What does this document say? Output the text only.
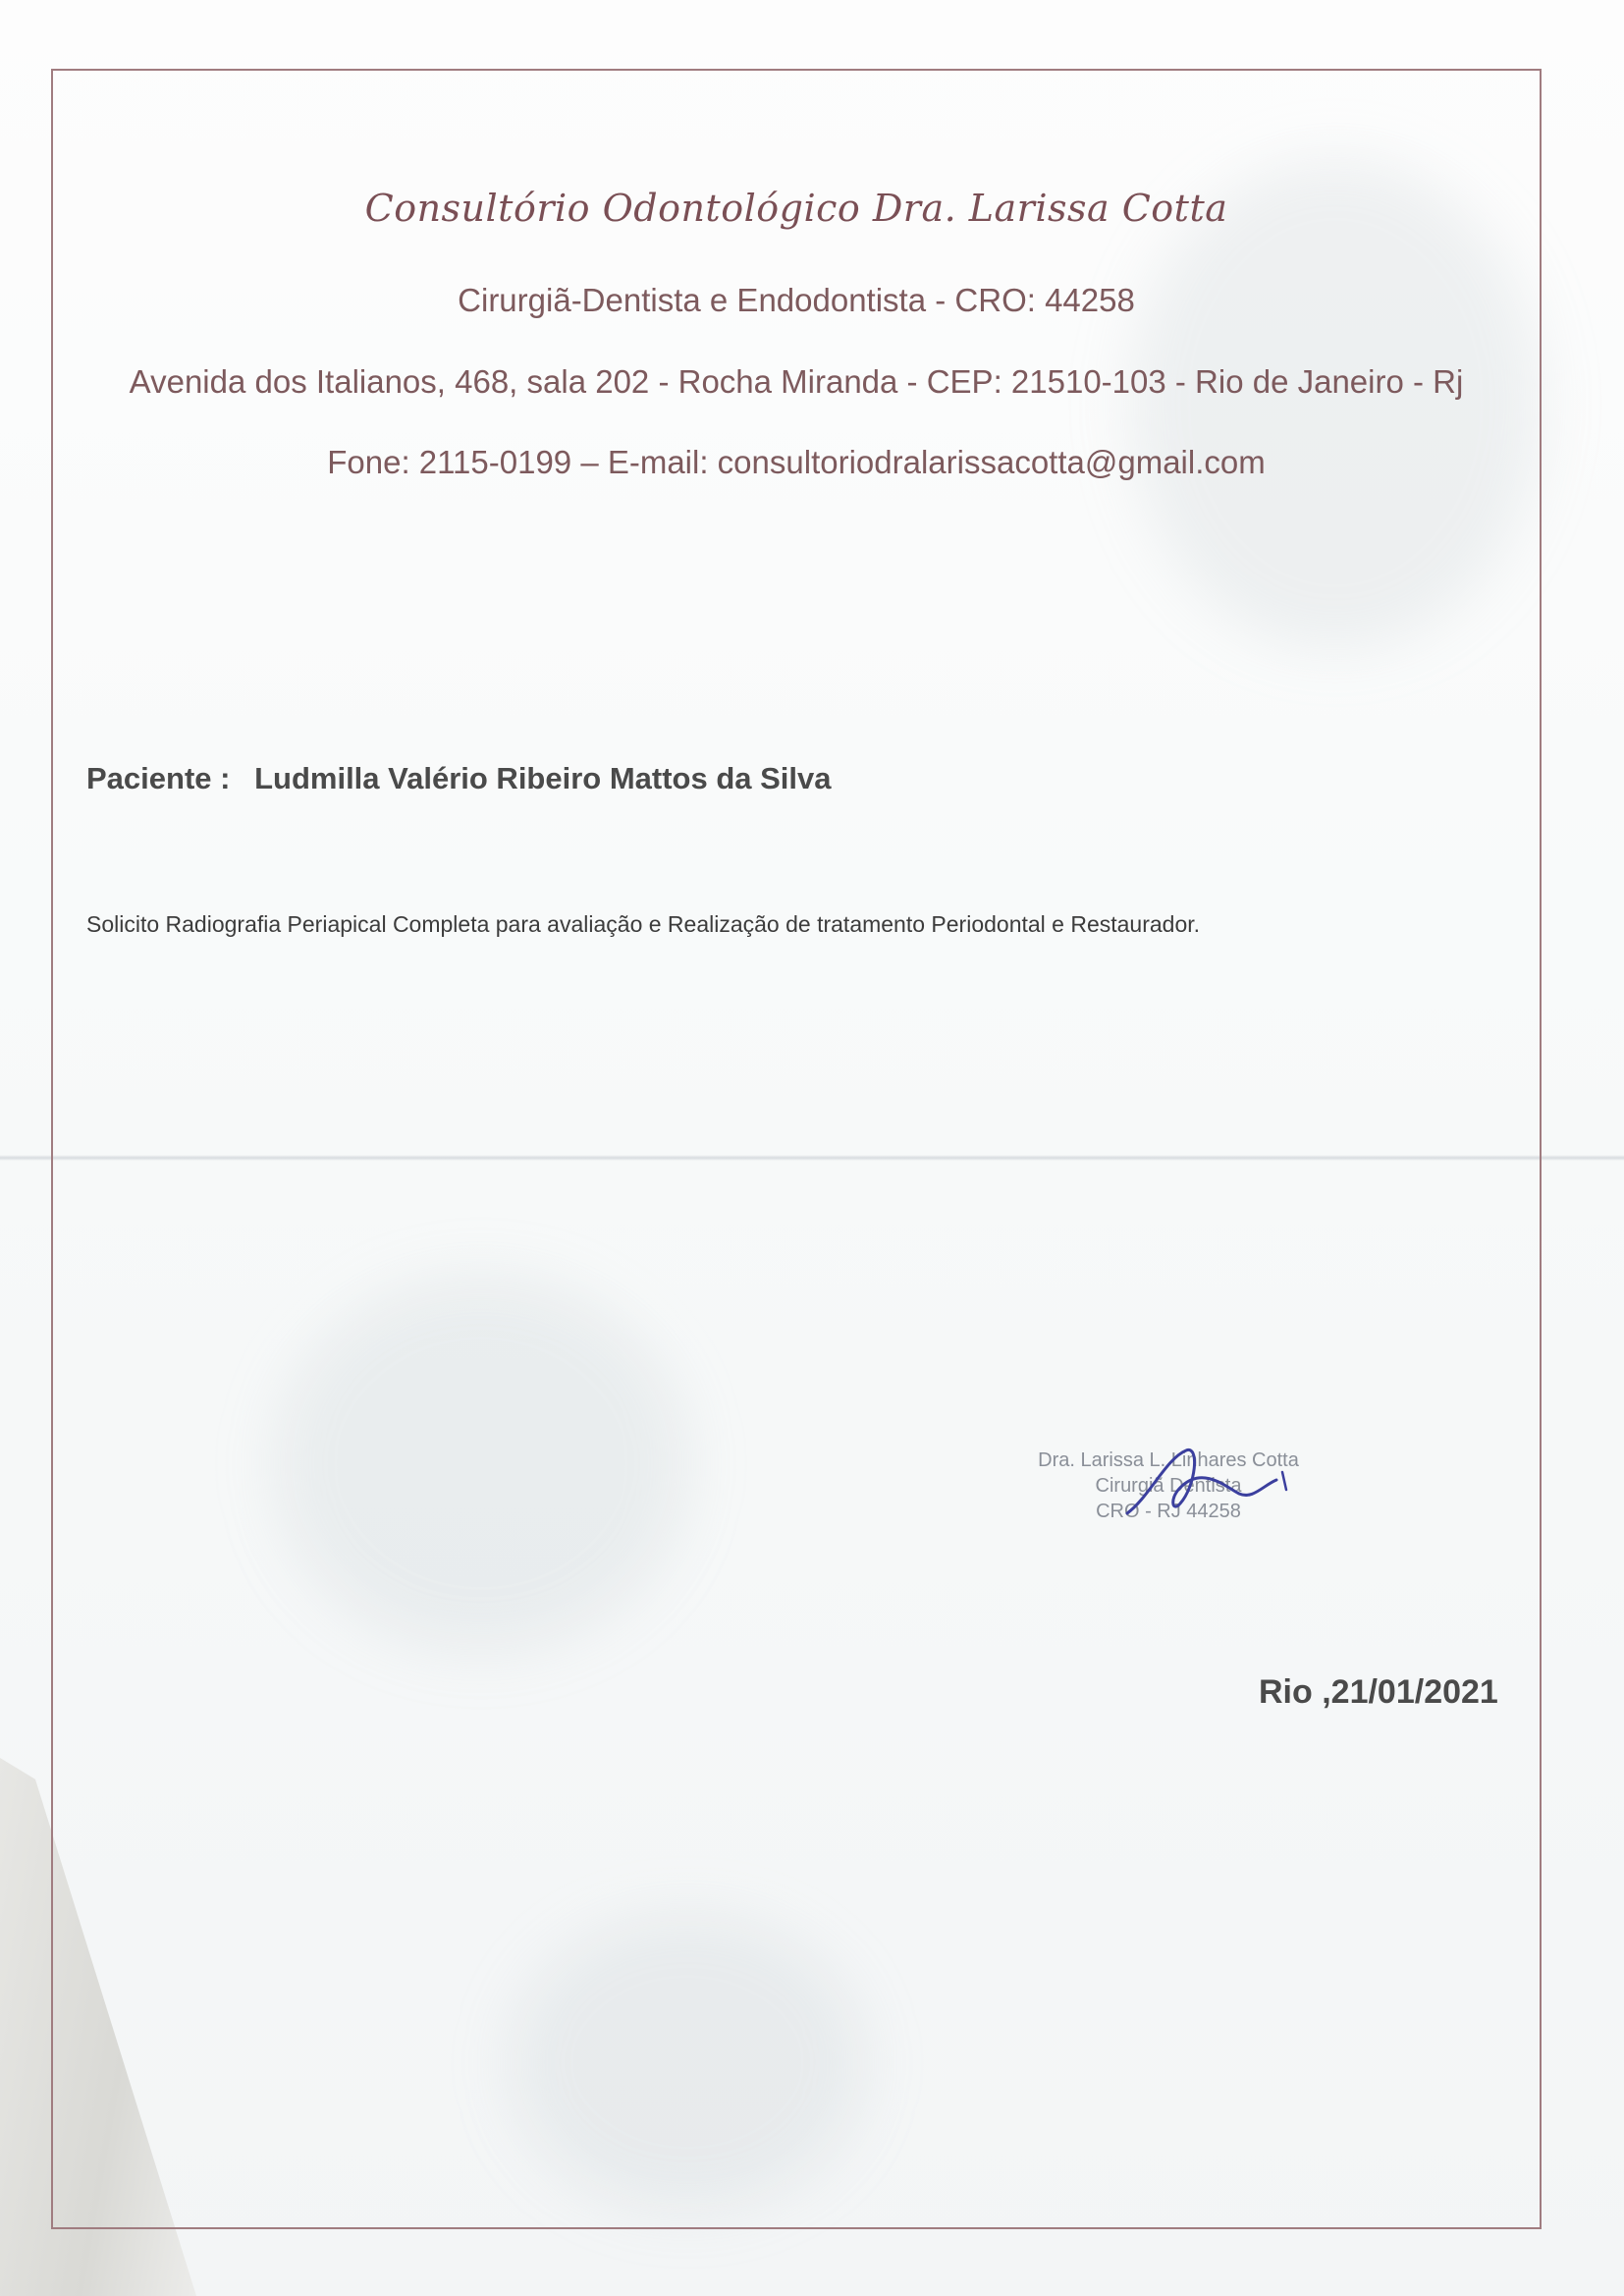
Consultório Odontológico Dra. Larissa Cotta
Cirurgiã-Dentista e Endodontista - CRO: 44258
Avenida dos Italianos, 468, sala 202 - Rocha Miranda - CEP: 21510-103 - Rio de Janeiro - Rj
Fone: 2115-0199 – E-mail: consultoriodralarissacotta@gmail.com
Paciente : Ludmilla Valério Ribeiro Mattos da Silva
Solicito Radiografia Periapical Completa para avaliação e Realização de tratamento Periodontal e Restaurador.
Dra. Larissa L. Linhares Cotta
Cirurgiã Dentista
CRO - RJ 44258
Rio ,21/01/2021
